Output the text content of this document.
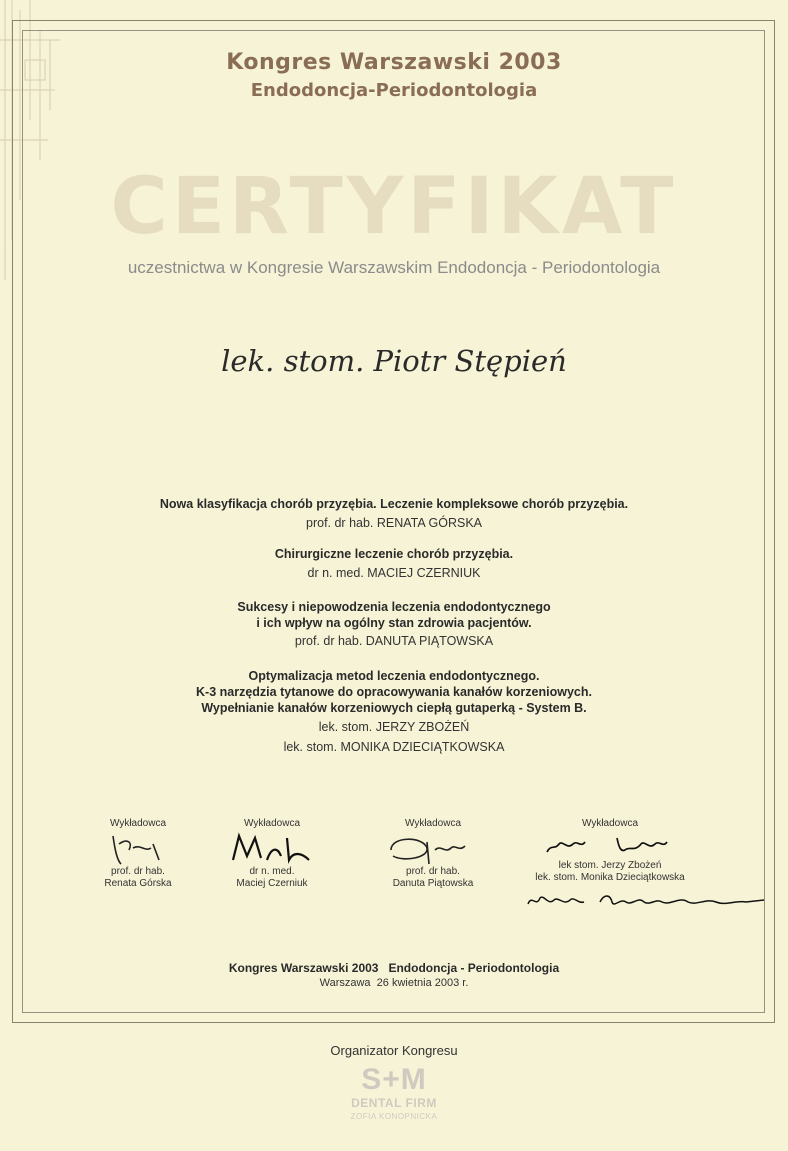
Kongres Warszawski 2003
Endodoncja-Periodontologia
CERTYFIKAT
uczestnictwa w Kongresie Warszawskim Endodoncja - Periodontologia
lek. stom. Piotr Stępień
Nowa klasyfikacja chorób przyzębia. Leczenie kompleksowe chorób przyzębia.
prof. dr hab. RENATA GÓRSKA
Chirurgiczne leczenie chorób przyzębia.
dr n. med. MACIEJ CZERNIUK
Sukcesy i niepowodzenia leczenia endodontycznego
i ich wpływ na ogólny stan zdrowia pacjentów.
prof. dr hab. DANUTA PIĄTOWSKA
Optymalizacja metod leczenia endodontycznego.
K-3 narzędzia tytanowe do opracowywania kanałów korzeniowych.
Wypełnianie kanałów korzeniowych ciepłą gutaperką - System B.
lek. stom. JERZY ZBOŻEŃ
lek. stom. MONIKA DZIECIĄTKOWSKA
Wykładowca
prof. dr hab.
Renata Górska
Wykładowca
dr n. med.
Maciej Czerniuk
Wykładowca
prof. dr hab.
Danuta Piątowska
Wykładowca
lek stom. Jerzy Zbożeń
lek. stom. Monika Dzieciątkowska
Kongres Warszawski 2003   Endodoncja - Periodontologia
Warszawa  26 kwietnia 2003 r.
Organizator Kongresu
S+M
DENTAL FIRM
ZOFIA KONOPNICKA
